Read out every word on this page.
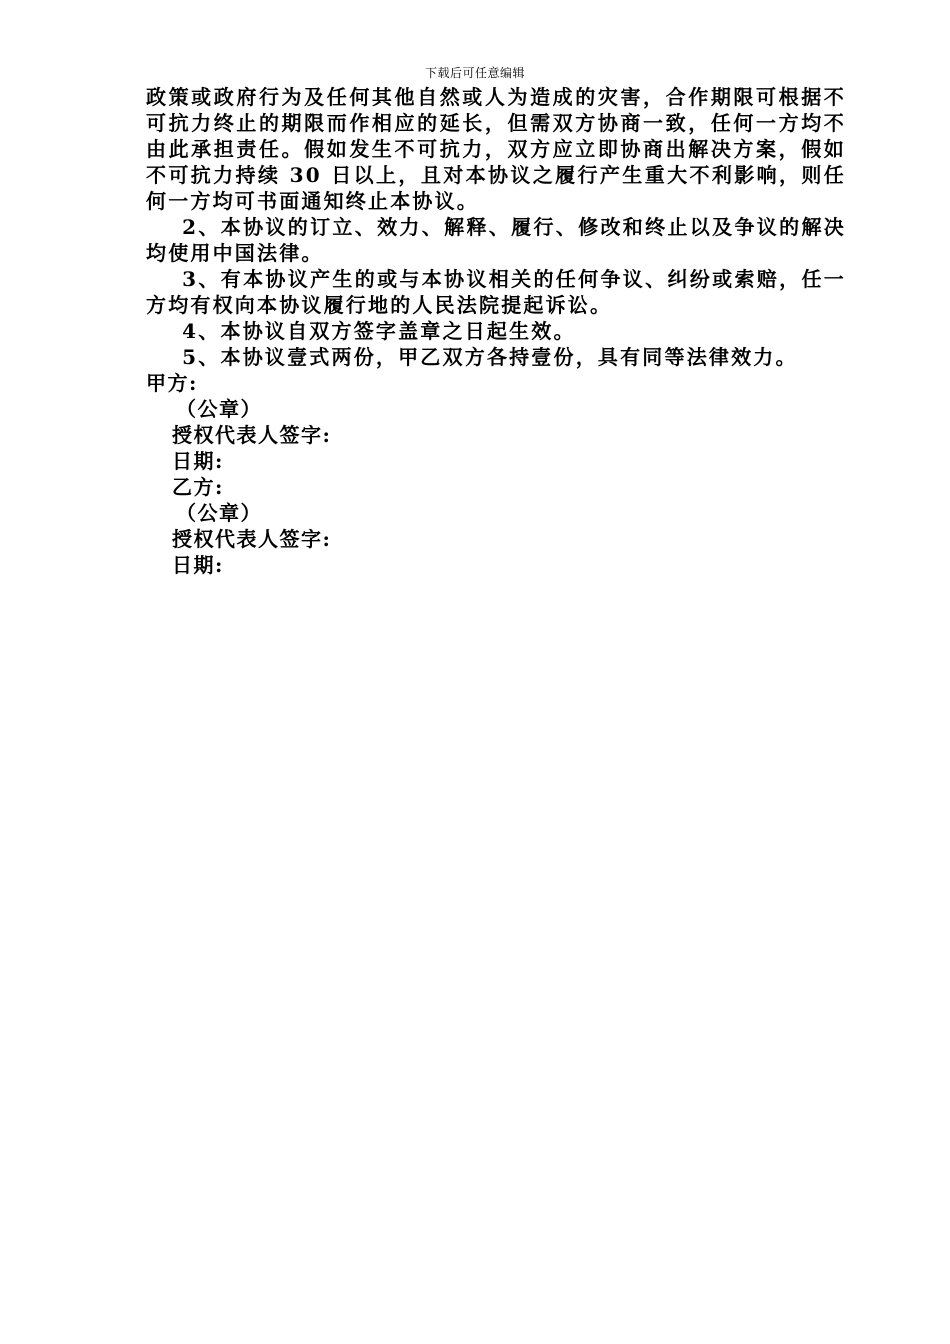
下载后可任意编辑

政策或政府行为及任何其他自然或人为造成的灾害，合作期限可根据不可抗力终止的期限而作相应的延长，但需双方协商一致，任何一方均不由此承担责任。假如发生不可抗力，双方应立即协商出解决方案，假如不可抗力持续 30 日以上，且对本协议之履行产生重大不利影响，则任何一方均可书面通知终止本协议。

2、本协议的订立、效力、解释、履行、修改和终止以及争议的解决均使用中国法律。

3、有本协议产生的或与本协议相关的任何争议、纠纷或索赔，任一方均有权向本协议履行地的人民法院提起诉讼。

4、本协议自双方签字盖章之日起生效。

5、本协议壹式两份，甲乙双方各持壹份，具有同等法律效力。

甲方:

（公章）

授权代表人签字:

日期:

乙方:

（公章）

授权代表人签字:

日期:
